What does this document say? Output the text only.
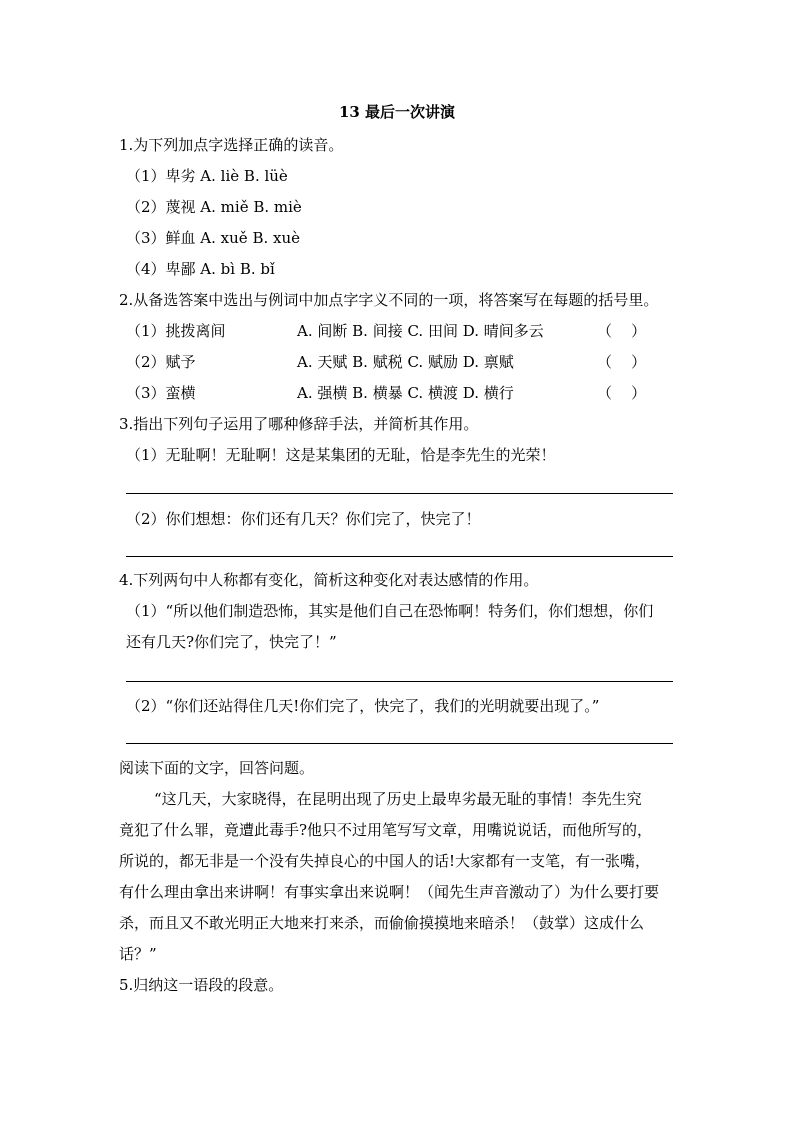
13 最后一次讲演
1.为下列加点字选择正确的读音。
（1）卑劣 A. liè B. lüè
（2）蔑视 A. miě B. miè
（3）鲜血 A. xuě B. xuè
（4）卑鄙 A. bì B. bǐ
2.从备选答案中选出与例词中加点字字义不同的一项，将答案写在每题的括号里。
（1）挑拨离间	A. 间断 B. 间接 C. 田间 D. 晴间多云	（    ）
（2）赋予	A. 天赋 B. 赋税 C. 赋励 D. 禀赋	（    ）
（3）蛮横	A. 强横 B. 横暴 C. 横渡 D. 横行	（    ）
3.指出下列句子运用了哪种修辞手法，并简析其作用。
（1）无耻啊！无耻啊！这是某集团的无耻，恰是李先生的光荣！
（2）你们想想：你们还有几天？你们完了，快完了！
4.下列两句中人称都有变化，简析这种变化对表达感情的作用。
（1）“所以他们制造恐怖，其实是他们自己在恐怖啊！特务们，你们想想，你们
还有几天?你们完了，快完了！”
（2）“你们还站得住几天!你们完了，快完了，我们的光明就要出现了。”
阅读下面的文字，回答问题。
“这几天，大家晓得，在昆明出现了历史上最卑劣最无耻的事情！李先生究
竟犯了什么罪，竟遭此毒手?他只不过用笔写写文章，用嘴说说话，而他所写的，
所说的，都无非是一个没有失掉良心的中国人的话!大家都有一支笔，有一张嘴，
有什么理由拿出来讲啊！有事实拿出来说啊！（闻先生声音激动了）为什么要打要
杀，而且又不敢光明正大地来打来杀，而偷偷摸摸地来暗杀！（鼓掌）这成什么
话？”
5.归纳这一语段的段意。
